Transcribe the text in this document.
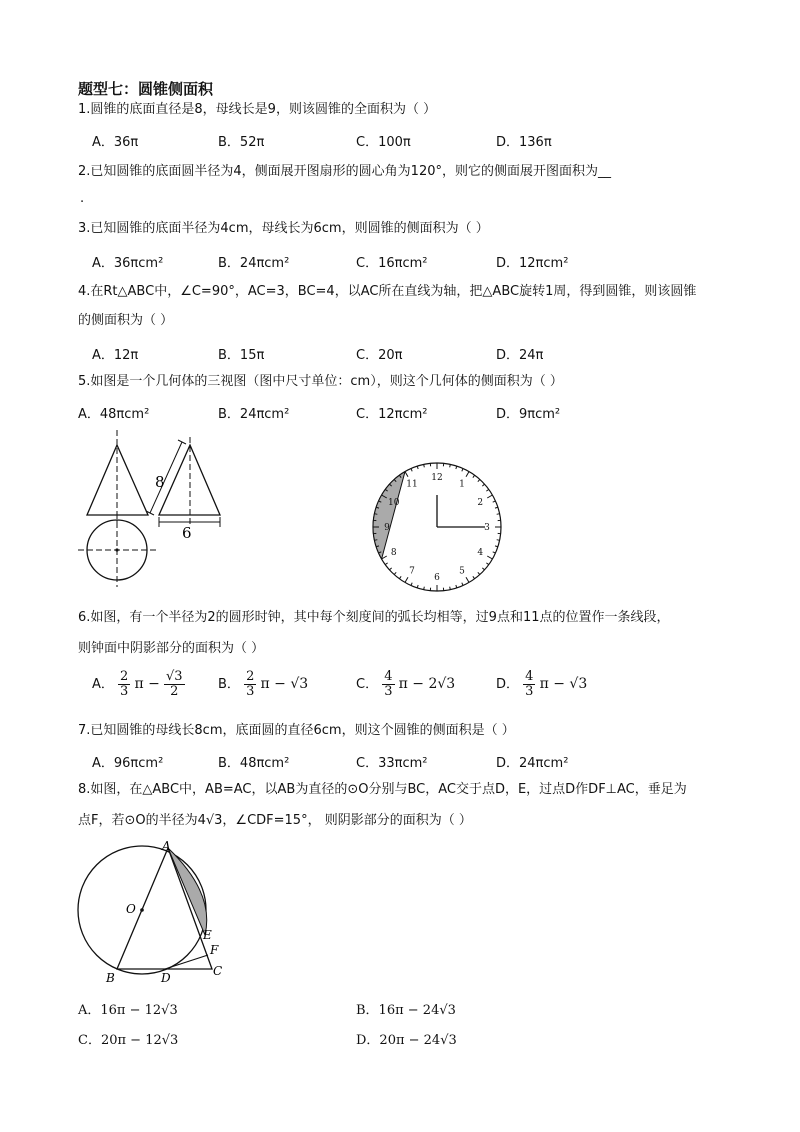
题型七：圆锥侧面积
1.圆锥的底面直径是8，母线长是9，则该圆锥的全面积为（ ）
A．36π	B．52π	C．100π	D．136π
2.已知圆锥的底面圆半径为4，侧面展开图扇形的圆心角为120°，则它的侧面展开图面积为__
.
3.已知圆锥的底面半径为4cm，母线长为6cm，则圆锥的侧面积为（ ）
A．36πcm²	B．24πcm²	C．16πcm²	D．12πcm²
4.在Rt△ABC中，∠C=90°，AC=3，BC=4，以AC所在直线为轴，把△ABC旋转1周，得到圆锥，则该圆锥
的侧面积为（ ）
A．12π	B．15π	C．20π	D．24π
5.如图是一个几何体的三视图（图中尺寸单位：cm），则这个几何体的侧面积为（ ）
A．48πcm²	B．24πcm²	C．12πcm²	D．9πcm²
8
6
12
1
2
3
4
5
6
7
8
9
10
11
6.如图，有一个半径为2的圆形时钟，其中每个刻度间的弧长均相等，过9点和11点的位置作一条线段，
则钟面中阴影部分的面积为（ ）
A． $\frac{2}{3}$ $\pi - \frac{√3}{2}$	B． $\frac{2}{3}$ π − √3	C． $\frac{4}{3}$ π − 2√3	D． $\frac{4}{3}$ π − √3
7.已知圆锥的母线长8cm，底面圆的直径6cm，则这个圆锥的侧面积是（ ）
A．96πcm²	B．48πcm²	C．33πcm²	D．24πcm²
8.如图，在△ABC中，AB=AC，以AB为直径的⊙O分别与BC，AC交于点D，E，过点D作DF⊥AC，垂足为
点F，若⊙O的半径为4√3，∠CDF=15°， 则阴影部分的面积为（ ）
A
O
E
F
B	D	C
A．16π − 12√3	B．16π − 24√3
C．20π − 12√3	D．20π − 24√3
